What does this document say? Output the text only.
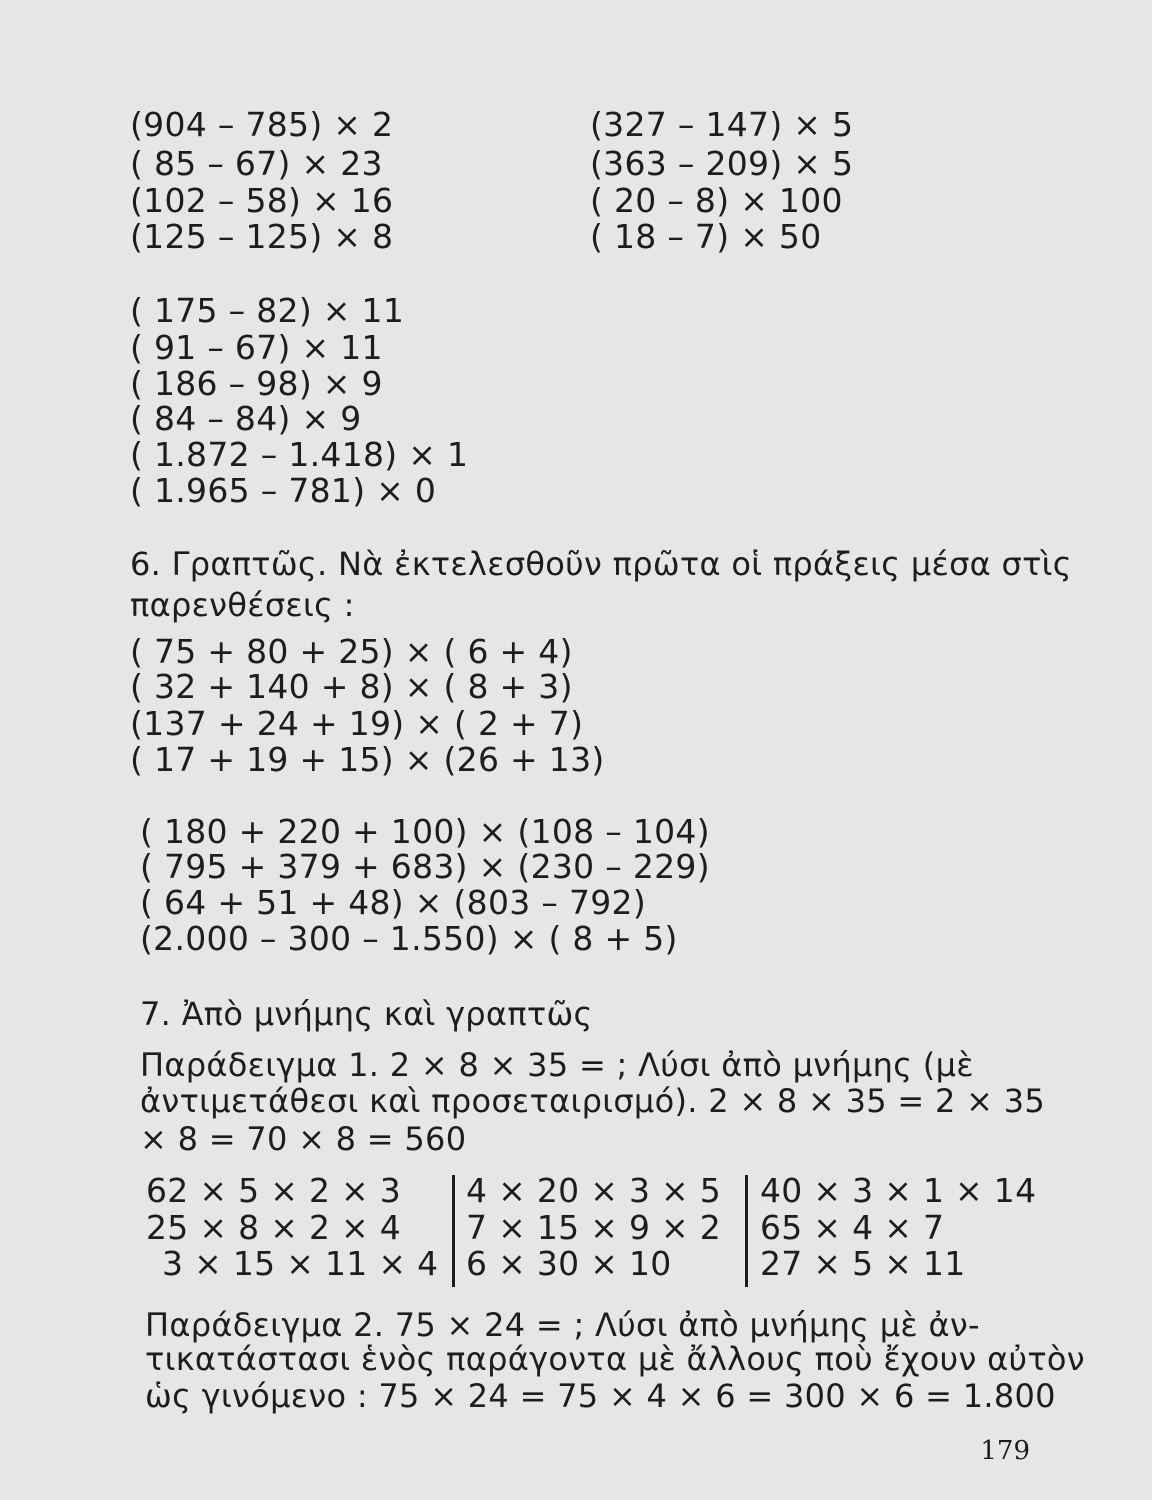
(904 – 785) × 2
( 85 – 67) × 23
(102 – 58) × 16
(125 – 125) × 8
(327 – 147) × 5
(363 – 209) × 5
( 20 – 8) × 100
( 18 – 7) × 50
( 175 – 82) × 11
( 91 – 67) × 11
( 186 – 98) × 9
( 84 – 84) × 9
( 1.872 – 1.418) × 1
( 1.965 – 781) × 0
6. Γραπτῶς. Νὰ ἐκτελεσθοῦν πρῶτα οἱ πράξεις μέσα στὶς
παρενθέσεις :
( 75 + 80 + 25) × ( 6 + 4)
( 32 + 140 + 8) × ( 8 + 3)
(137 + 24 + 19) × ( 2 + 7)
( 17 + 19 + 15) × (26 + 13)
( 180 + 220 + 100) × (108 – 104)
( 795 + 379 + 683) × (230 – 229)
( 64 + 51 + 48) × (803 – 792)
(2.000 – 300 – 1.550) × ( 8 + 5)
7. Ἀπὸ μνήμης καὶ γραπτῶς
Παράδειγμα 1. 2 × 8 × 35 = ; Λύσι ἀπὸ μνήμης (μὲ
ἀντιμετάθεσι καὶ προσεταιρισμό). 2 × 8 × 35 = 2 × 35
× 8 = 70 × 8 = 560
62 × 5 × 2 × 3
25 × 8 × 2 × 4
3 × 15 × 11 × 4
4 × 20 × 3 × 5
7 × 15 × 9 × 2
6 × 30 × 10
40 × 3 × 1 × 14
65 × 4 × 7
27 × 5 × 11
Παράδειγμα 2. 75 × 24 = ; Λύσι ἀπὸ μνήμης μὲ ἀν-
τικατάστασι ἑνὸς παράγοντα μὲ ἄλλους ποὺ ἔχουν αὐτὸν
ὡς γινόμενο : 75 × 24 = 75 × 4 × 6 = 300 × 6 = 1.800
179
